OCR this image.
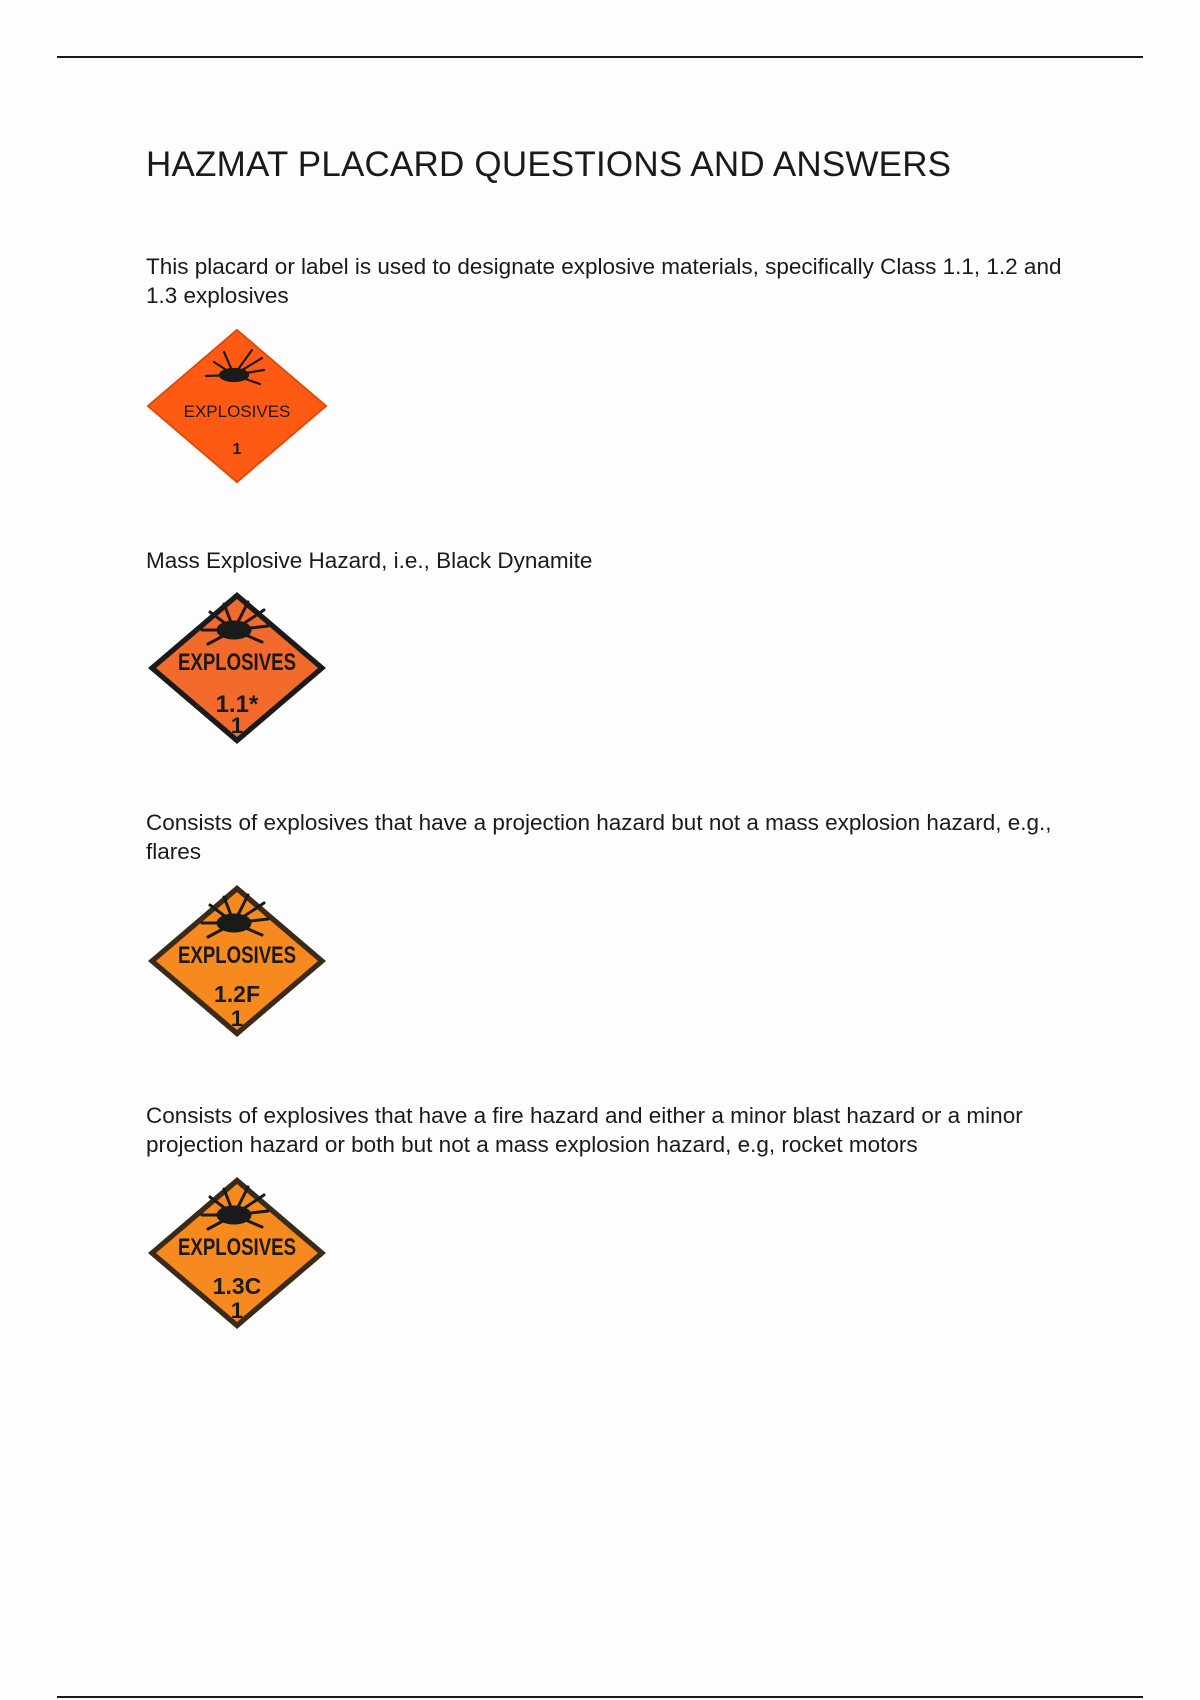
HAZMAT PLACARD QUESTIONS AND ANSWERS

This placard or label is used to designate explosive materials, specifically Class 1.1, 1.2 and 1.3 explosives

EXPLOSIVES
1

Mass Explosive Hazard, i.e., Black Dynamite

EXPLOSIVES
1.1*
1

Consists of explosives that have a projection hazard but not a mass explosion hazard, e.g., flares

EXPLOSIVES
1.2F
1

Consists of explosives that have a fire hazard and either a minor blast hazard or a minor projection hazard or both but not a mass explosion hazard, e.g, rocket motors

EXPLOSIVES
1.3C
1
